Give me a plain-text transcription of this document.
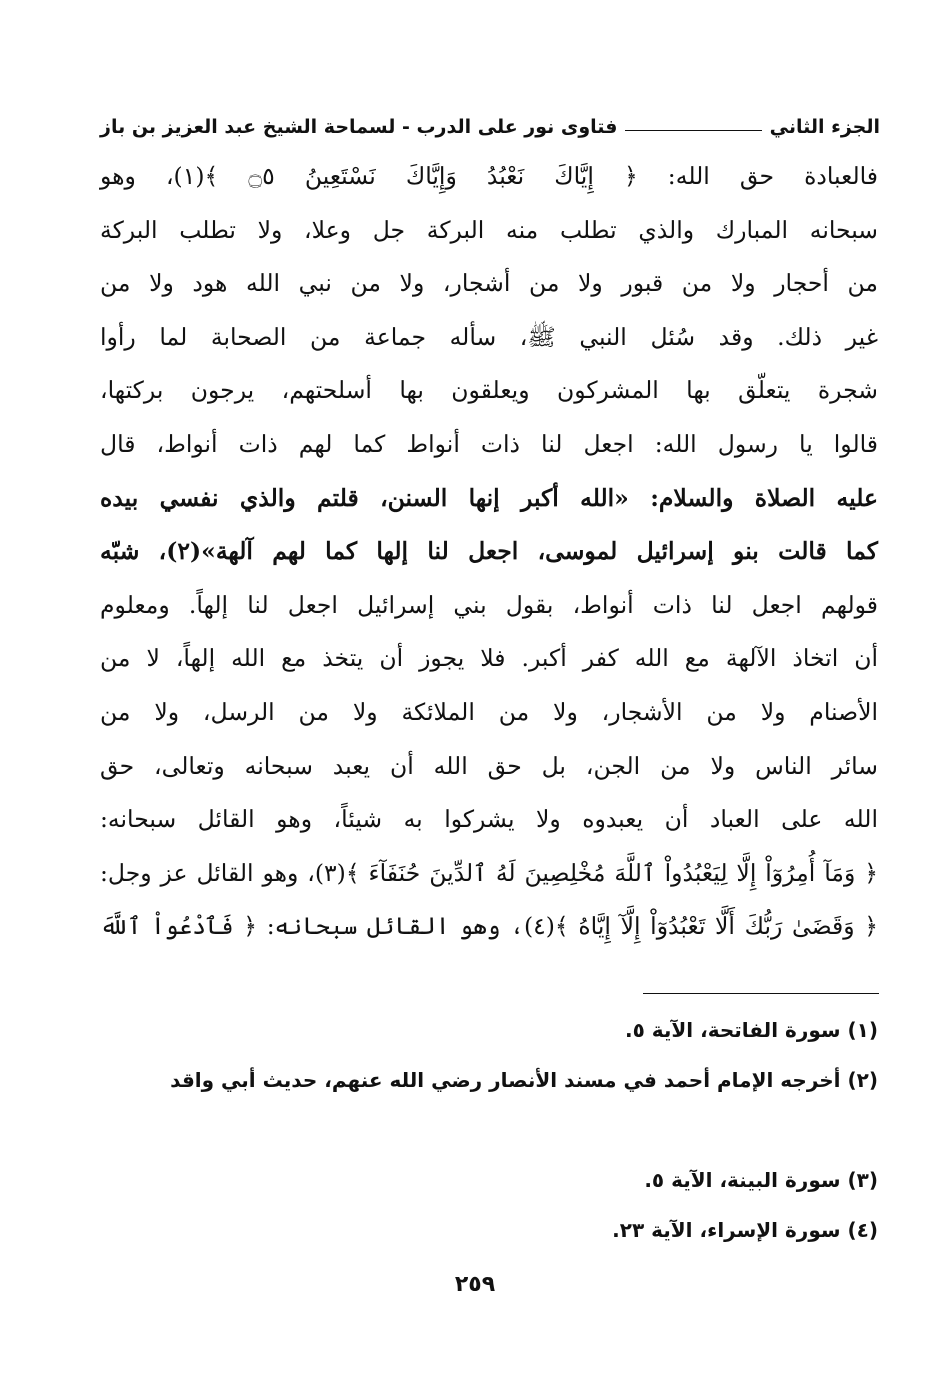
فتاوى نور على الدرب - لسماحة الشيخ عبد العزيز بن باز	الجزء الثاني
فالعبادة حق الله: ﴿ إِيَّاكَ نَعْبُدُ وَإِيَّاكَ نَسْتَعِينُ ۝٥ ﴾(١)، وهو
سبحانه المبارك والذي تطلب منه البركة جل وعلا، ولا تطلب البركة
من أحجار ولا من قبور ولا من أشجار، ولا من نبي الله هود ولا من
غير ذلك. وقد سُئل النبي ﷺ، سأله جماعة من الصحابة لما رأوا
شجرة يتعلّق بها المشركون ويعلقون بها أسلحتهم، يرجون بركتها،
قالوا يا رسول الله: اجعل لنا ذات أنواط كما لهم ذات أنواط، قال
عليه الصلاة والسلام: «الله أكبر إنها السنن، قلتم والذي نفسي بيده
كما قالت بنو إسرائيل لموسى، اجعل لنا إلها كما لهم آلهة»(٢)، شبّه
قولهم اجعل لنا ذات أنواط، بقول بني إسرائيل اجعل لنا إلهاً. ومعلوم
أن اتخاذ الآلهة مع الله كفر أكبر. فلا يجوز أن يتخذ مع الله إلهاً، لا من
الأصنام ولا من الأشجار، ولا من الملائكة ولا من الرسل، ولا من
سائر الناس ولا من الجن، بل حق الله أن يعبد سبحانه وتعالى، حق
الله على العباد أن يعبدوه ولا يشركوا به شيئاً، وهو القائل سبحانه:
﴿ وَمَآ أُمِرُوٓاْ إِلَّا لِيَعْبُدُواْ ٱللَّهَ مُخْلِصِينَ لَهُ ٱلدِّينَ حُنَفَآءَ ﴾(٣)، وهو القائل عز وجل:
﴿ وَقَضَىٰ رَبُّكَ أَلَّا تَعْبُدُوٓاْ إِلَّآ إِيَّاهُ ﴾(٤)، وهو القائل سبحانه: ﴿ فَٱدْعُواْ ٱللَّهَ
(١) سورة الفاتحة، الآية ٥.
(٢) أخرجه الإمام أحمد في مسند الأنصار رضي الله عنهم، حديث أبي واقد
(٣) سورة البينة، الآية ٥.
(٤) سورة الإسراء، الآية ٢٣.
٢٥٩
